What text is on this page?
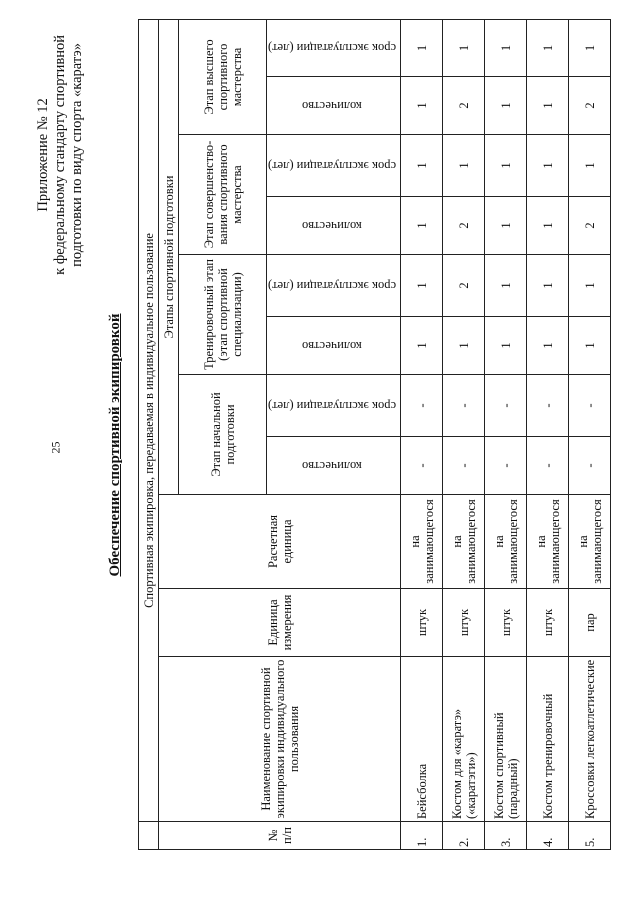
25
Приложение № 12 к федеральному стандарту спортивной подготовки по виду спорта «каратэ»
Обеспечение спортивной экипировкой
	Спортивная экипировка, передаваемая в индивидуальное пользование										
№ п/п	Наименование спортивной экипировки индивидуального пользования	Единица измерения	Расчетная единица	Этапы спортивной подготовки							
				Этап начальной подготовки		Тренировочный этап (этап спортивной специализации)		Этап совершенство-вания спортивного мастерства		Этап высшего спортивного мастерства	
				количество	срок эксплуатации (лет)	количество	срок эксплуатации (лет)	количество	срок эксплуатации (лет)	количество	срок эксплуатации (лет)
1.	Бейсболка	штук	на занимающегося	-	-	1	1	1	1	1	1
2.	Костом для «каратэ» («каратэги»)	штук	на занимающегося	-	-	1	2	2	1	2	1
3.	Костом спортивный (парадный)	штук	на занимающегося	-	-	1	1	1	1	1	1
4.	Костом тренировочный	штук	на занимающегося	-	-	1	1	1	1	1	1
5.	Кроссовки легкоатлетические	пар	на занимающегося	-	-	1	1	2	1	2	1
